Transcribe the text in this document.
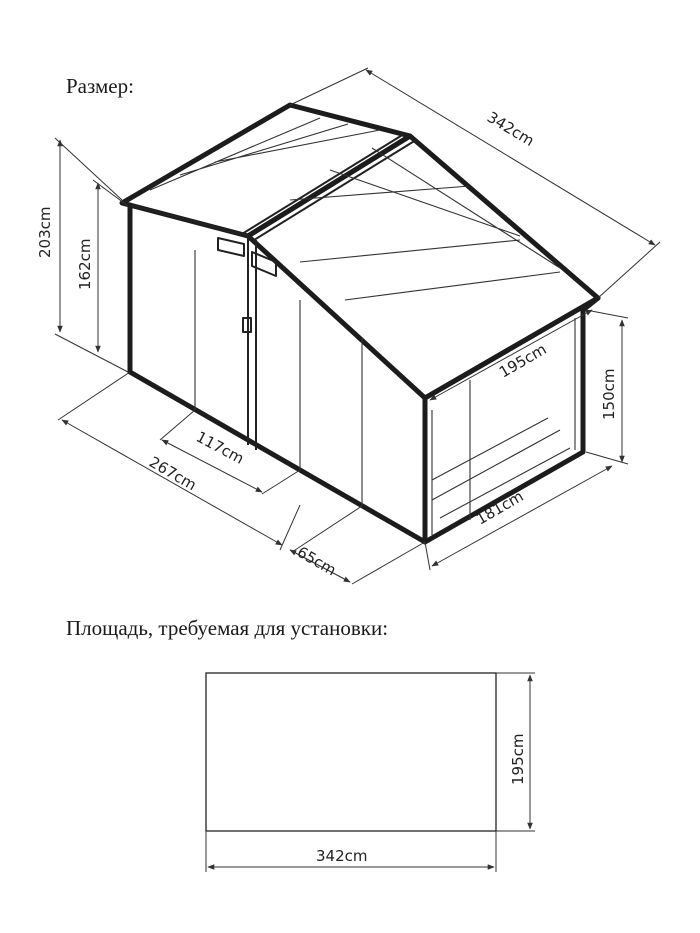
Размер:
Площадь, требуемая для установки:
203cm
162cm
342cm
195cm
150cm
181cm
267cm
117cm
65cm
195cm
342cm
